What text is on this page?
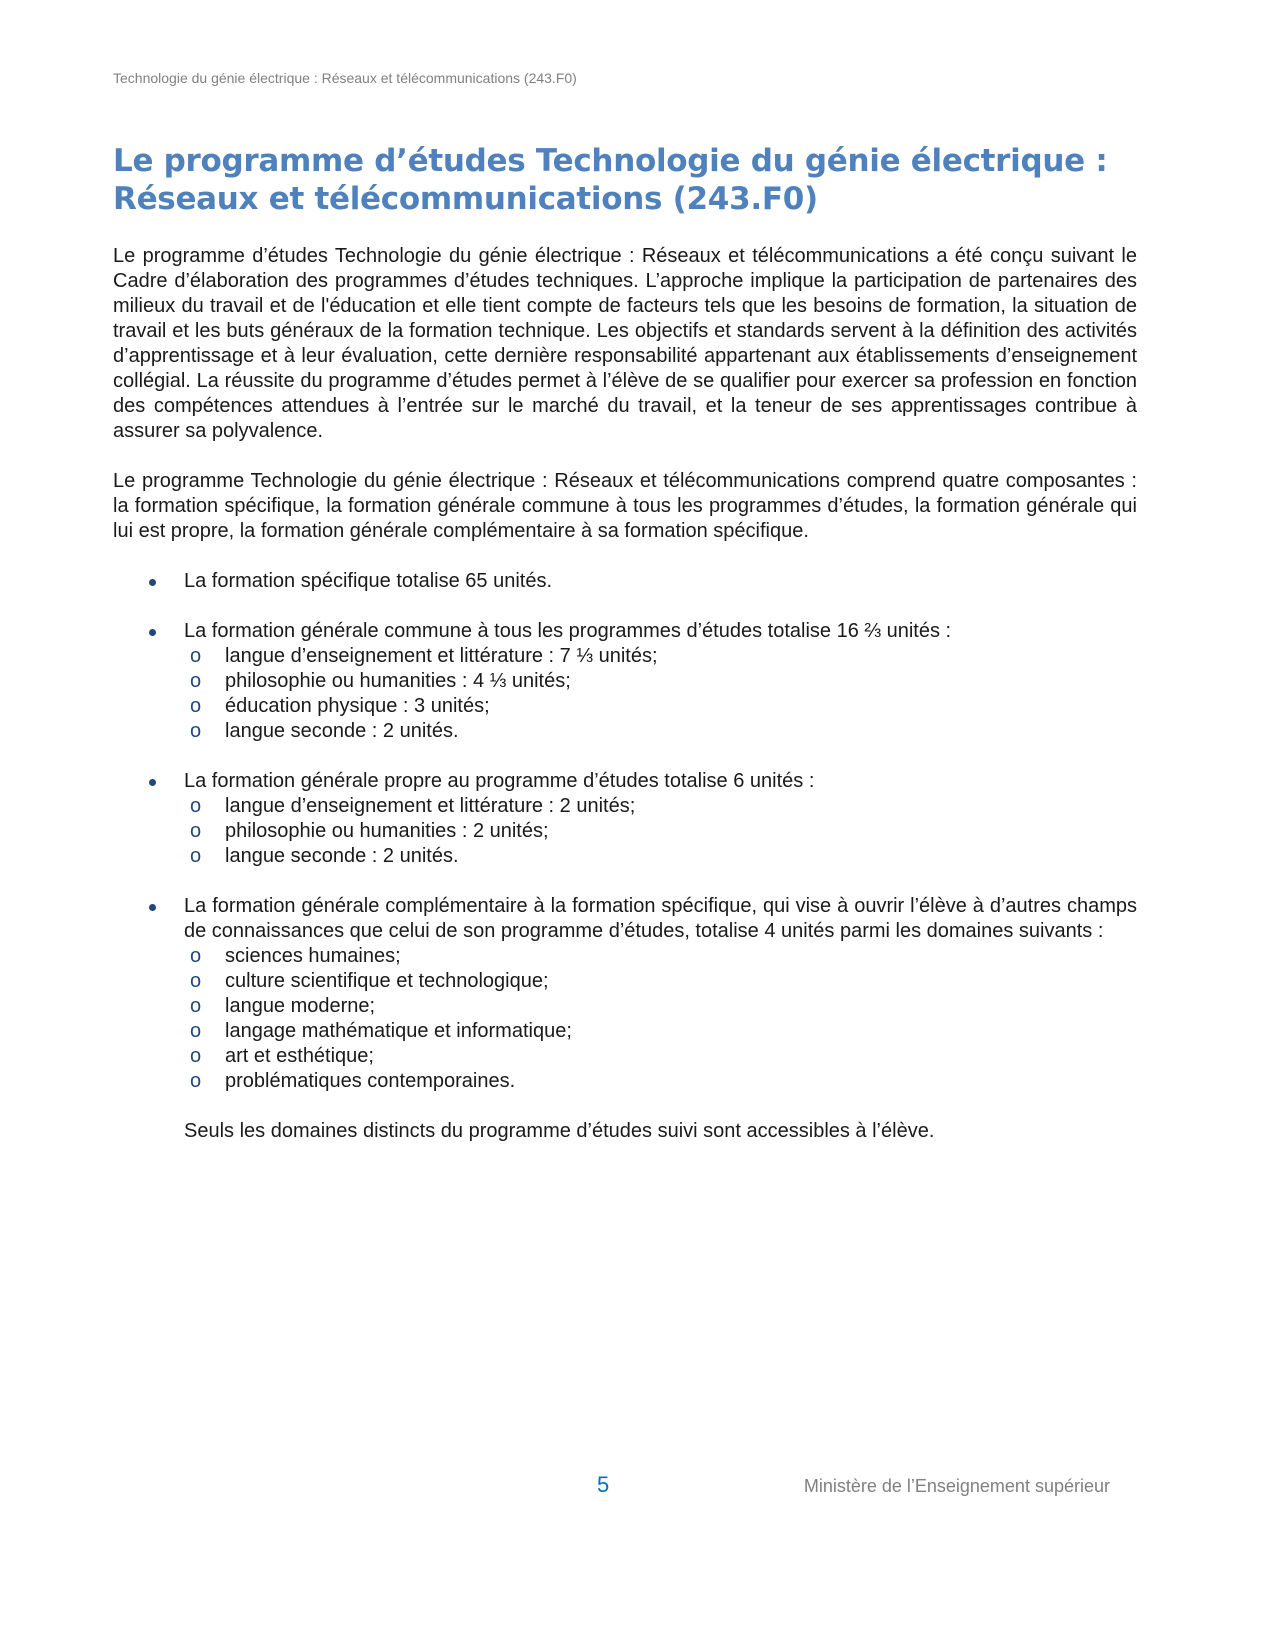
Technologie du génie électrique : Réseaux et télécommunications (243.F0)
Le programme d’études Technologie du génie électrique : Réseaux et télécommunications (243.F0)

Le programme d’études Technologie du génie électrique : Réseaux et télécommunications a été conçu suivant le Cadre d’élaboration des programmes d’études techniques. L’approche implique la participation de partenaires des milieux du travail et de l'éducation et elle tient compte de facteurs tels que les besoins de formation, la situation de travail et les buts généraux de la formation technique. Les objectifs et standards servent à la définition des activités d’apprentissage et à leur évaluation, cette dernière responsabilité appartenant aux établissements d’enseignement collégial. La réussite du programme d’études permet à l’élève de se qualifier pour exercer sa profession en fonction des compétences attendues à l’entrée sur le marché du travail, et la teneur de ses apprentissages contribue à assurer sa polyvalence.

Le programme Technologie du génie électrique : Réseaux et télécommunications comprend quatre composantes : la formation spécifique, la formation générale commune à tous les programmes d’études, la formation générale qui lui est propre, la formation générale complémentaire à sa formation spécifique.

La formation spécifique totalise 65 unités.
La formation générale commune à tous les programmes d’études totalise 16 ⅔ unités :
o langue d’enseignement et littérature : 7 ⅓ unités;
o philosophie ou humanities : 4 ⅓ unités;
o éducation physique : 3 unités;
o langue seconde : 2 unités.
La formation générale propre au programme d’études totalise 6 unités :
o langue d’enseignement et littérature : 2 unités;
o philosophie ou humanities : 2 unités;
o langue seconde : 2 unités.
La formation générale complémentaire à la formation spécifique, qui vise à ouvrir l’élève à d’autres champs de connaissances que celui de son programme d’études, totalise 4 unités parmi les domaines suivants :
o sciences humaines;
o culture scientifique et technologique;
o langue moderne;
o langage mathématique et informatique;
o art et esthétique;
o problématiques contemporaines.
Seuls les domaines distincts du programme d’études suivi sont accessibles à l’élève.
5	Ministère de l’Enseignement supérieur
